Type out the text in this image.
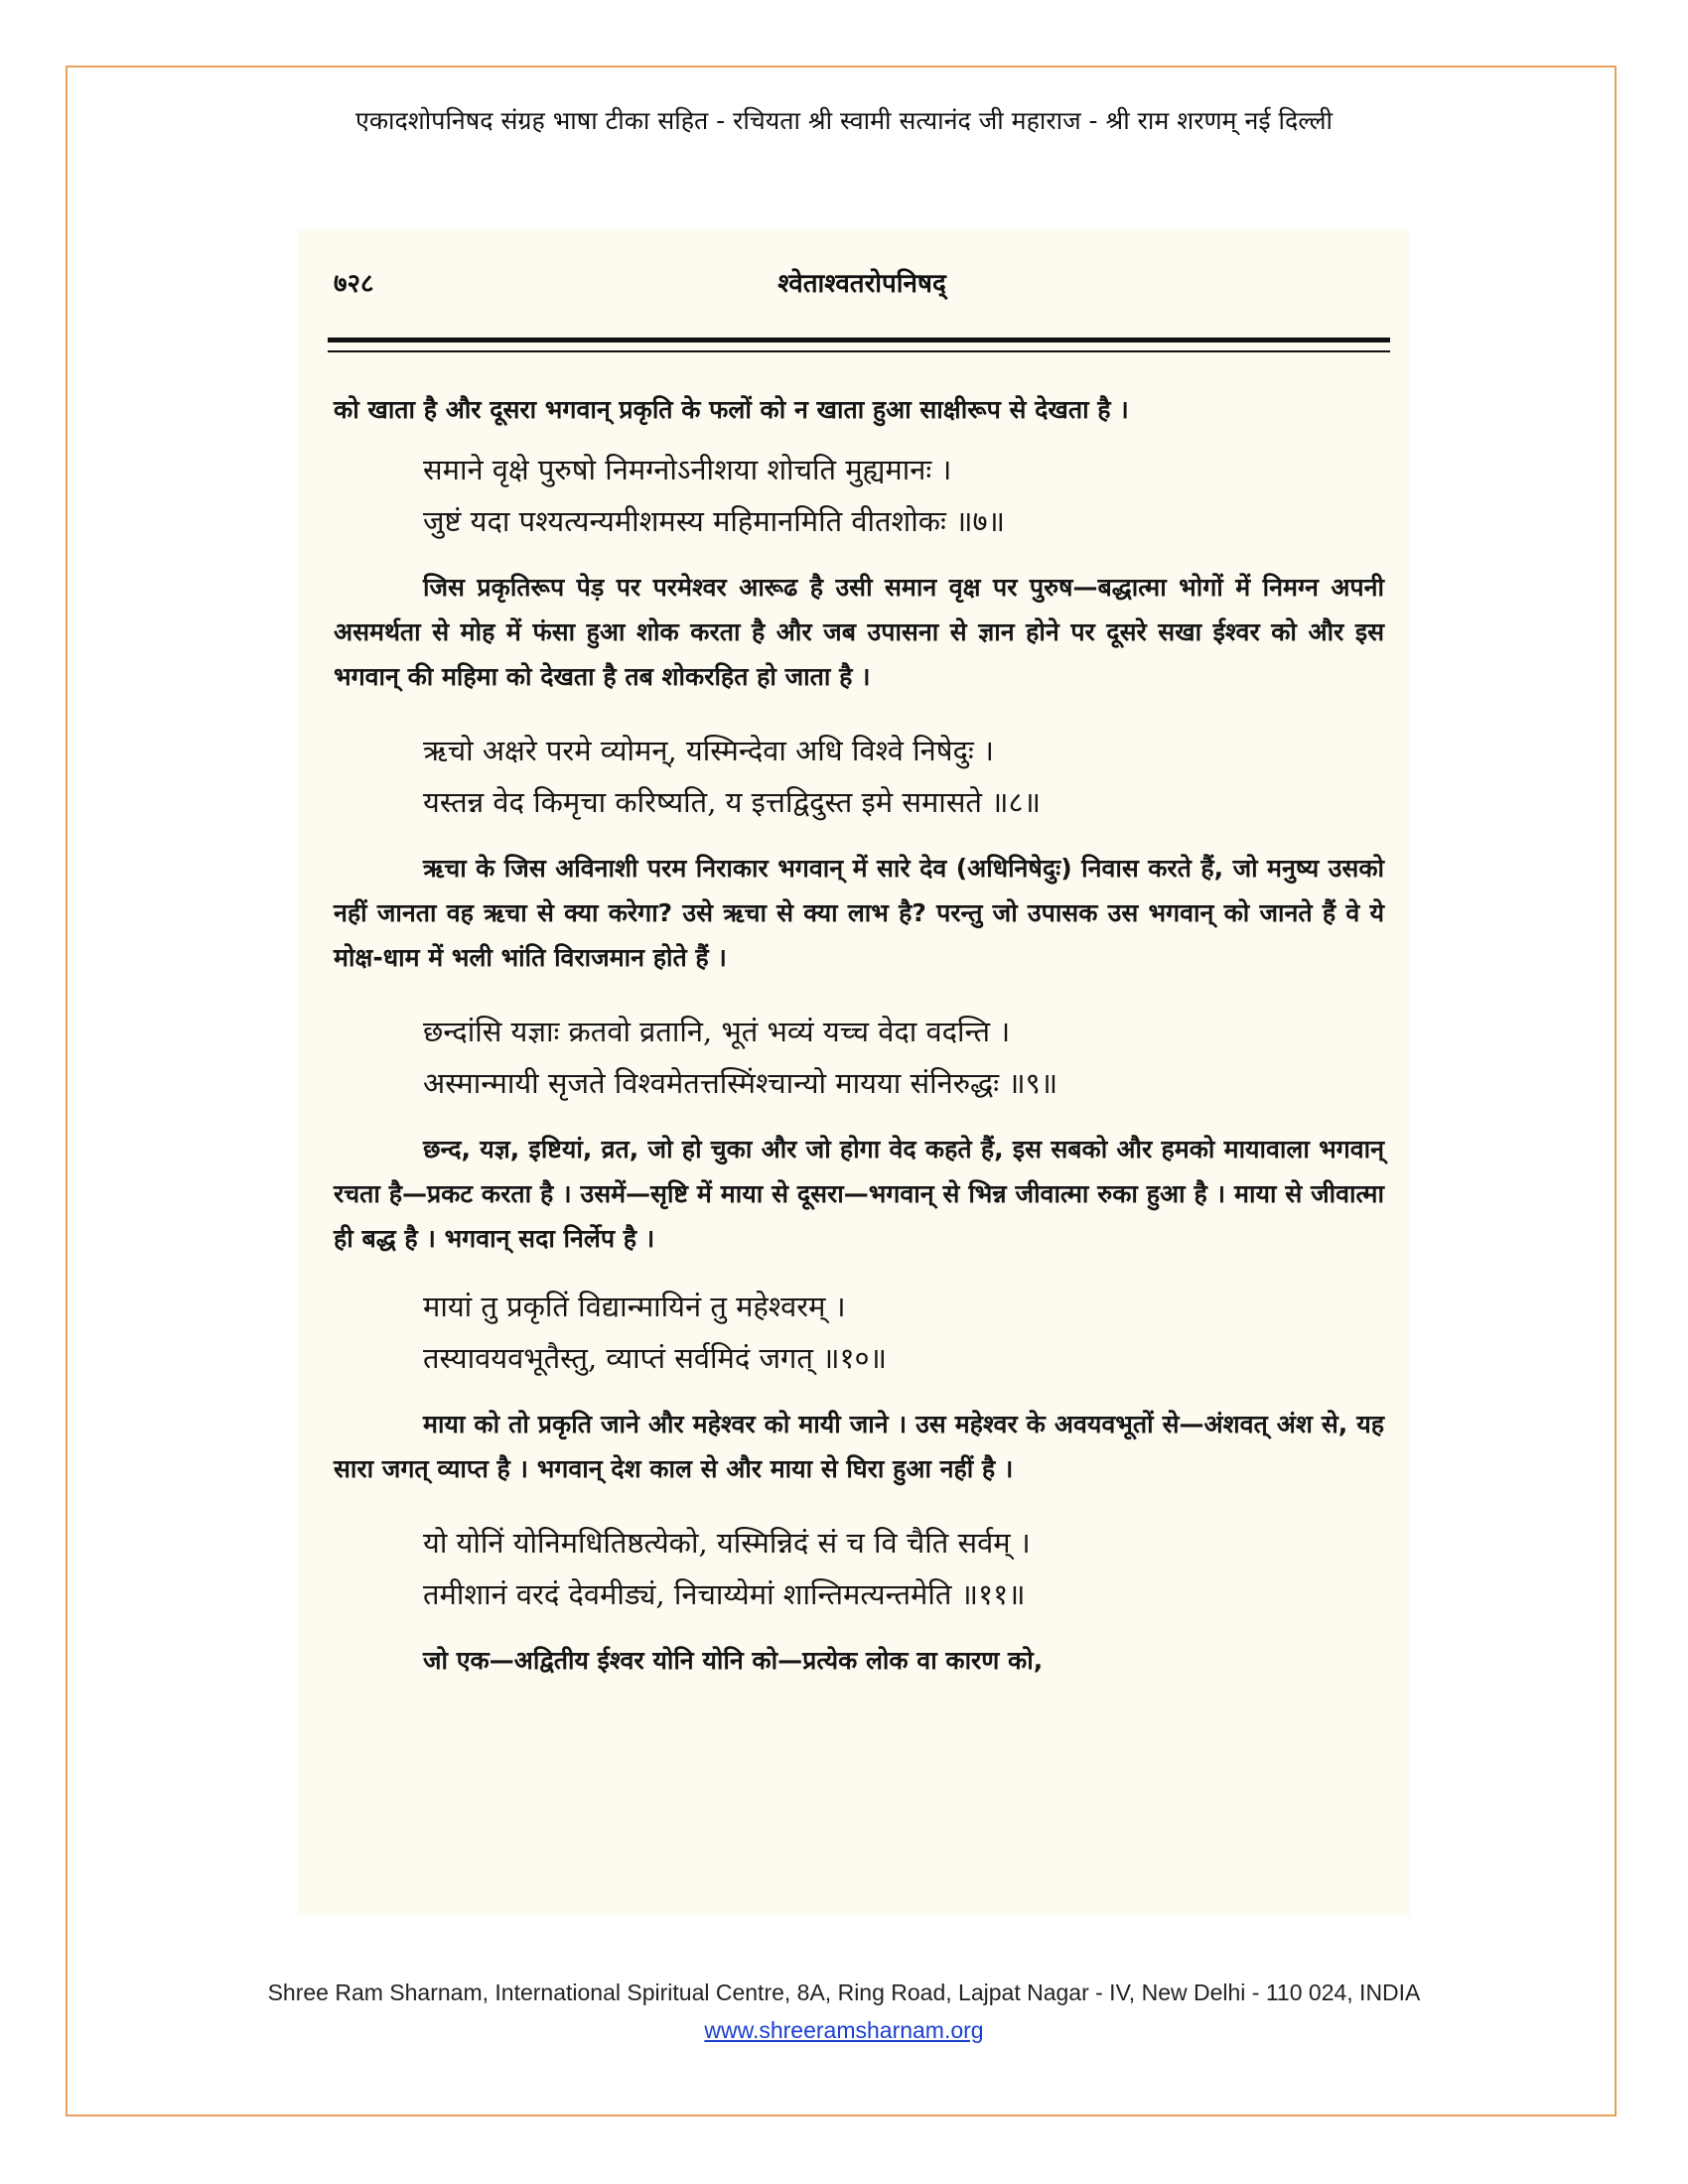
एकादशोपनिषद संग्रह भाषा टीका सहित - रचियता श्री स्वामी सत्यानंद जी महाराज - श्री राम शरणम् नई दिल्ली
७२८	श्वेताश्वतरोपनिषद्

को खाता है और दूसरा भगवान् प्रकृति के फलों को न खाता हुआ साक्षीरूप से देखता है ।

समाने वृक्षे पुरुषो निमग्नोऽनीशया शोचति मुह्यमानः ।

जुष्टं यदा पश्यत्यन्यमीशमस्य महिमानमिति वीतशोकः ॥७॥

जिस प्रकृतिरूप पेड़ पर परमेश्वर आरूढ है उसी समान वृक्ष पर पुरुष—बद्धात्मा भोगों में निमग्न अपनी असमर्थता से मोह में फंसा हुआ शोक करता है और जब उपासना से ज्ञान होने पर दूसरे सखा ईश्वर को और इस भगवान् की महिमा को देखता है तब शोकरहित हो जाता है ।

ऋचो अक्षरे परमे व्योमन्, यस्मिन्देवा अधि विश्वे निषेदुः ।

यस्तन्न वेद किमृचा करिष्यति, य इत्तद्विदुस्त इमे समासते ॥८॥

ऋचा के जिस अविनाशी परम निराकार भगवान् में सारे देव (अधिनिषेदुः) निवास करते हैं, जो मनुष्य उसको नहीं जानता वह ऋचा से क्या करेगा? उसे ऋचा से क्या लाभ है? परन्तु जो उपासक उस भगवान् को जानते हैं वे ये मोक्ष-धाम में भली भांति विराजमान होते हैं ।

छन्दांसि यज्ञाः क्रतवो व्रतानि, भूतं भव्यं यच्च वेदा वदन्ति ।

अस्मान्मायी सृजते विश्वमेतत्तस्मिंश्चान्यो मायया संनिरुद्धः ॥९॥

छन्द, यज्ञ, इष्टियां, व्रत, जो हो चुका और जो होगा वेद कहते हैं, इस सबको और हमको मायावाला भगवान् रचता है—प्रकट करता है । उसमें—सृष्टि में माया से दूसरा—भगवान् से भिन्न जीवात्मा रुका हुआ है । माया से जीवात्मा ही बद्ध है । भगवान् सदा निर्लेप है ।

मायां तु प्रकृतिं विद्यान्मायिनं तु महेश्वरम् ।

तस्यावयवभूतैस्तु, व्याप्तं सर्वमिदं जगत् ॥१०॥

माया को तो प्रकृति जाने और महेश्वर को मायी जाने । उस महेश्वर के अवयवभूतों से—अंशवत् अंश से, यह सारा जगत् व्याप्त है । भगवान् देश काल से और माया से घिरा हुआ नहीं है ।

यो योनिं योनिमधितिष्ठत्येको, यस्मिन्निदं सं च वि चैति सर्वम् ।

तमीशानं वरदं देवमीड्यं, निचाय्येमां शान्तिमत्यन्तमेति ॥११॥

जो एक—अद्वितीय ईश्वर योनि योनि को—प्रत्येक लोक वा कारण को,

Shree Ram Sharnam, International Spiritual Centre, 8A, Ring Road, Lajpat Nagar - IV, New Delhi - 110 024, INDIA
www.shreeramsharnam.org
